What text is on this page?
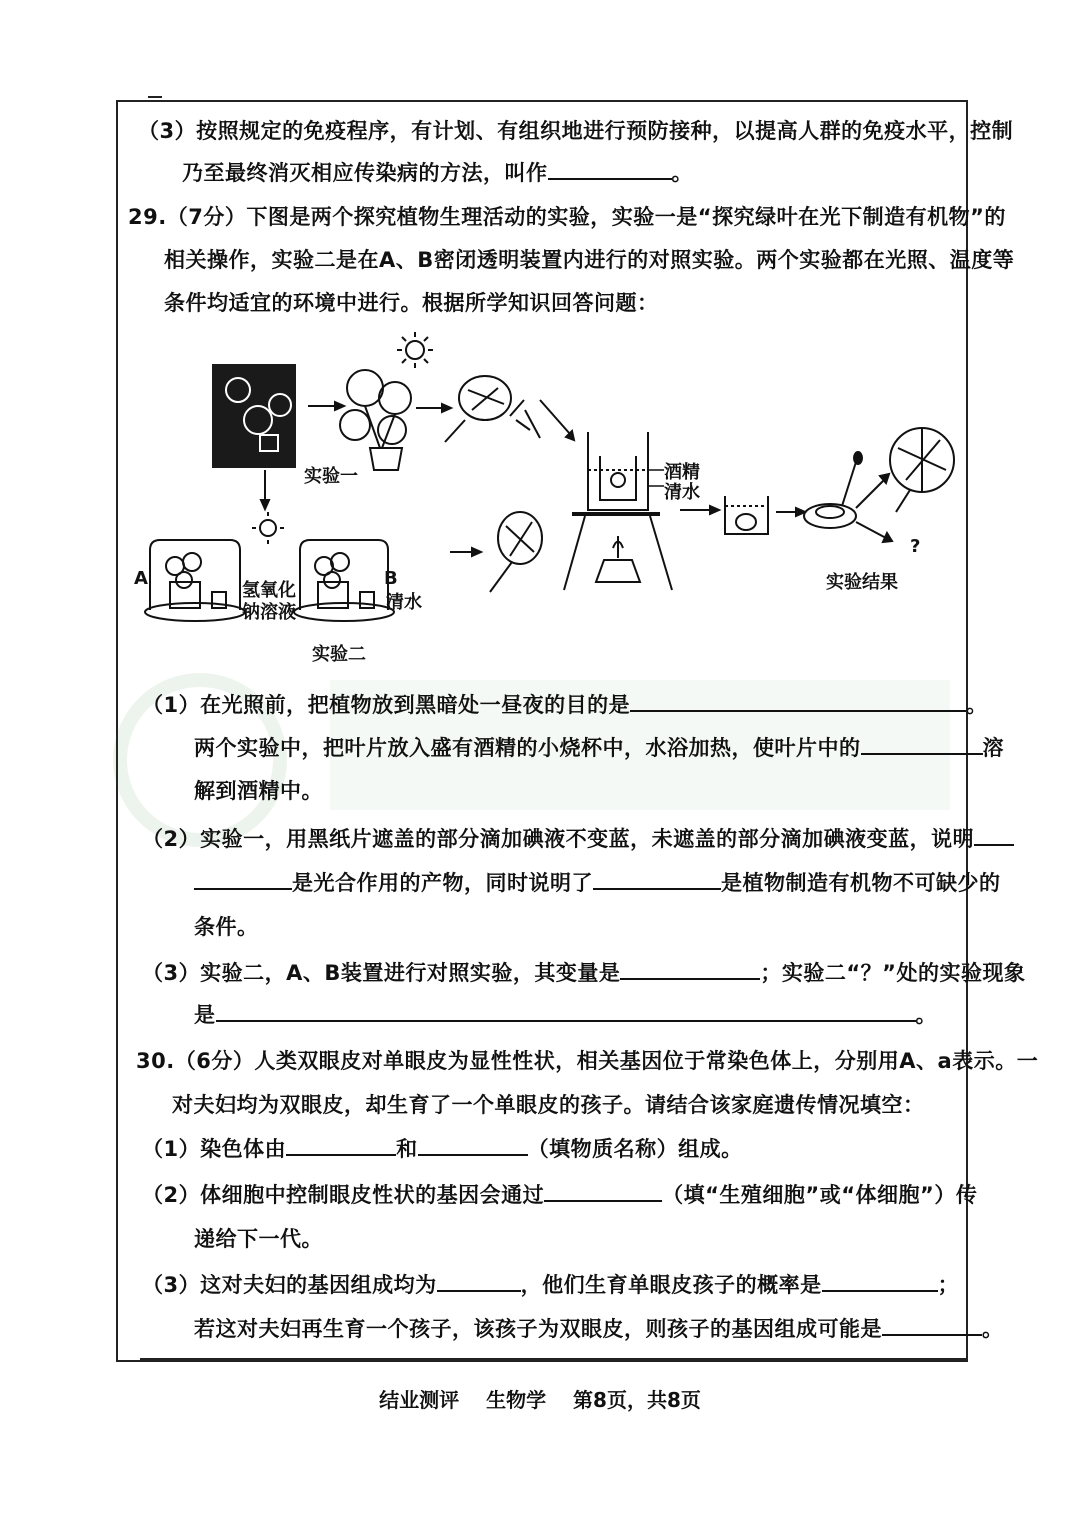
（3）按照规定的免疫程序，有计划、有组织地进行预防接种，以提高人群的免疫水平，控制
乃至最终消灭相应传染病的方法，叫作	。
29.（7分）下图是两个探究植物生理活动的实验，实验一是“探究绿叶在光下制造有机物”的
相关操作，实验二是在A、B密闭透明装置内进行的对照实验。两个实验都在光照、温度等
条件均适宜的环境中进行。根据所学知识回答问题：
实验一	酒精
清水
A	B
氢氧化
钠溶液	清水
?
实验结果
实验二
（1）在光照前，把植物放到黑暗处一昼夜的目的是	。
两个实验中，把叶片放入盛有酒精的小烧杯中，水浴加热，使叶片中的	溶
解到酒精中。
（2）实验一，用黑纸片遮盖的部分滴加碘液不变蓝，未遮盖的部分滴加碘液变蓝，说明
是光合作用的产物，同时说明了	是植物制造有机物不可缺少的
条件。
（3）实验二，A、B装置进行对照实验，其变量是	；实验二“？”处的实验现象
是	。
30.（6分）人类双眼皮对单眼皮为显性性状，相关基因位于常染色体上，分别用A、a表示。一
对夫妇均为双眼皮，却生育了一个单眼皮的孩子。请结合该家庭遗传情况填空：
（1）染色体由	和	（填物质名称）组成。
（2）体细胞中控制眼皮性状的基因会通过	（填“生殖细胞”或“体细胞”）传
递给下一代。
（3）这对夫妇的基因组成均为	，他们生育单眼皮孩子的概率是	；
若这对夫妇再生育一个孩子，该孩子为双眼皮，则孩子的基因组成可能是	。
结业测评 生物学 第8页，共8页
